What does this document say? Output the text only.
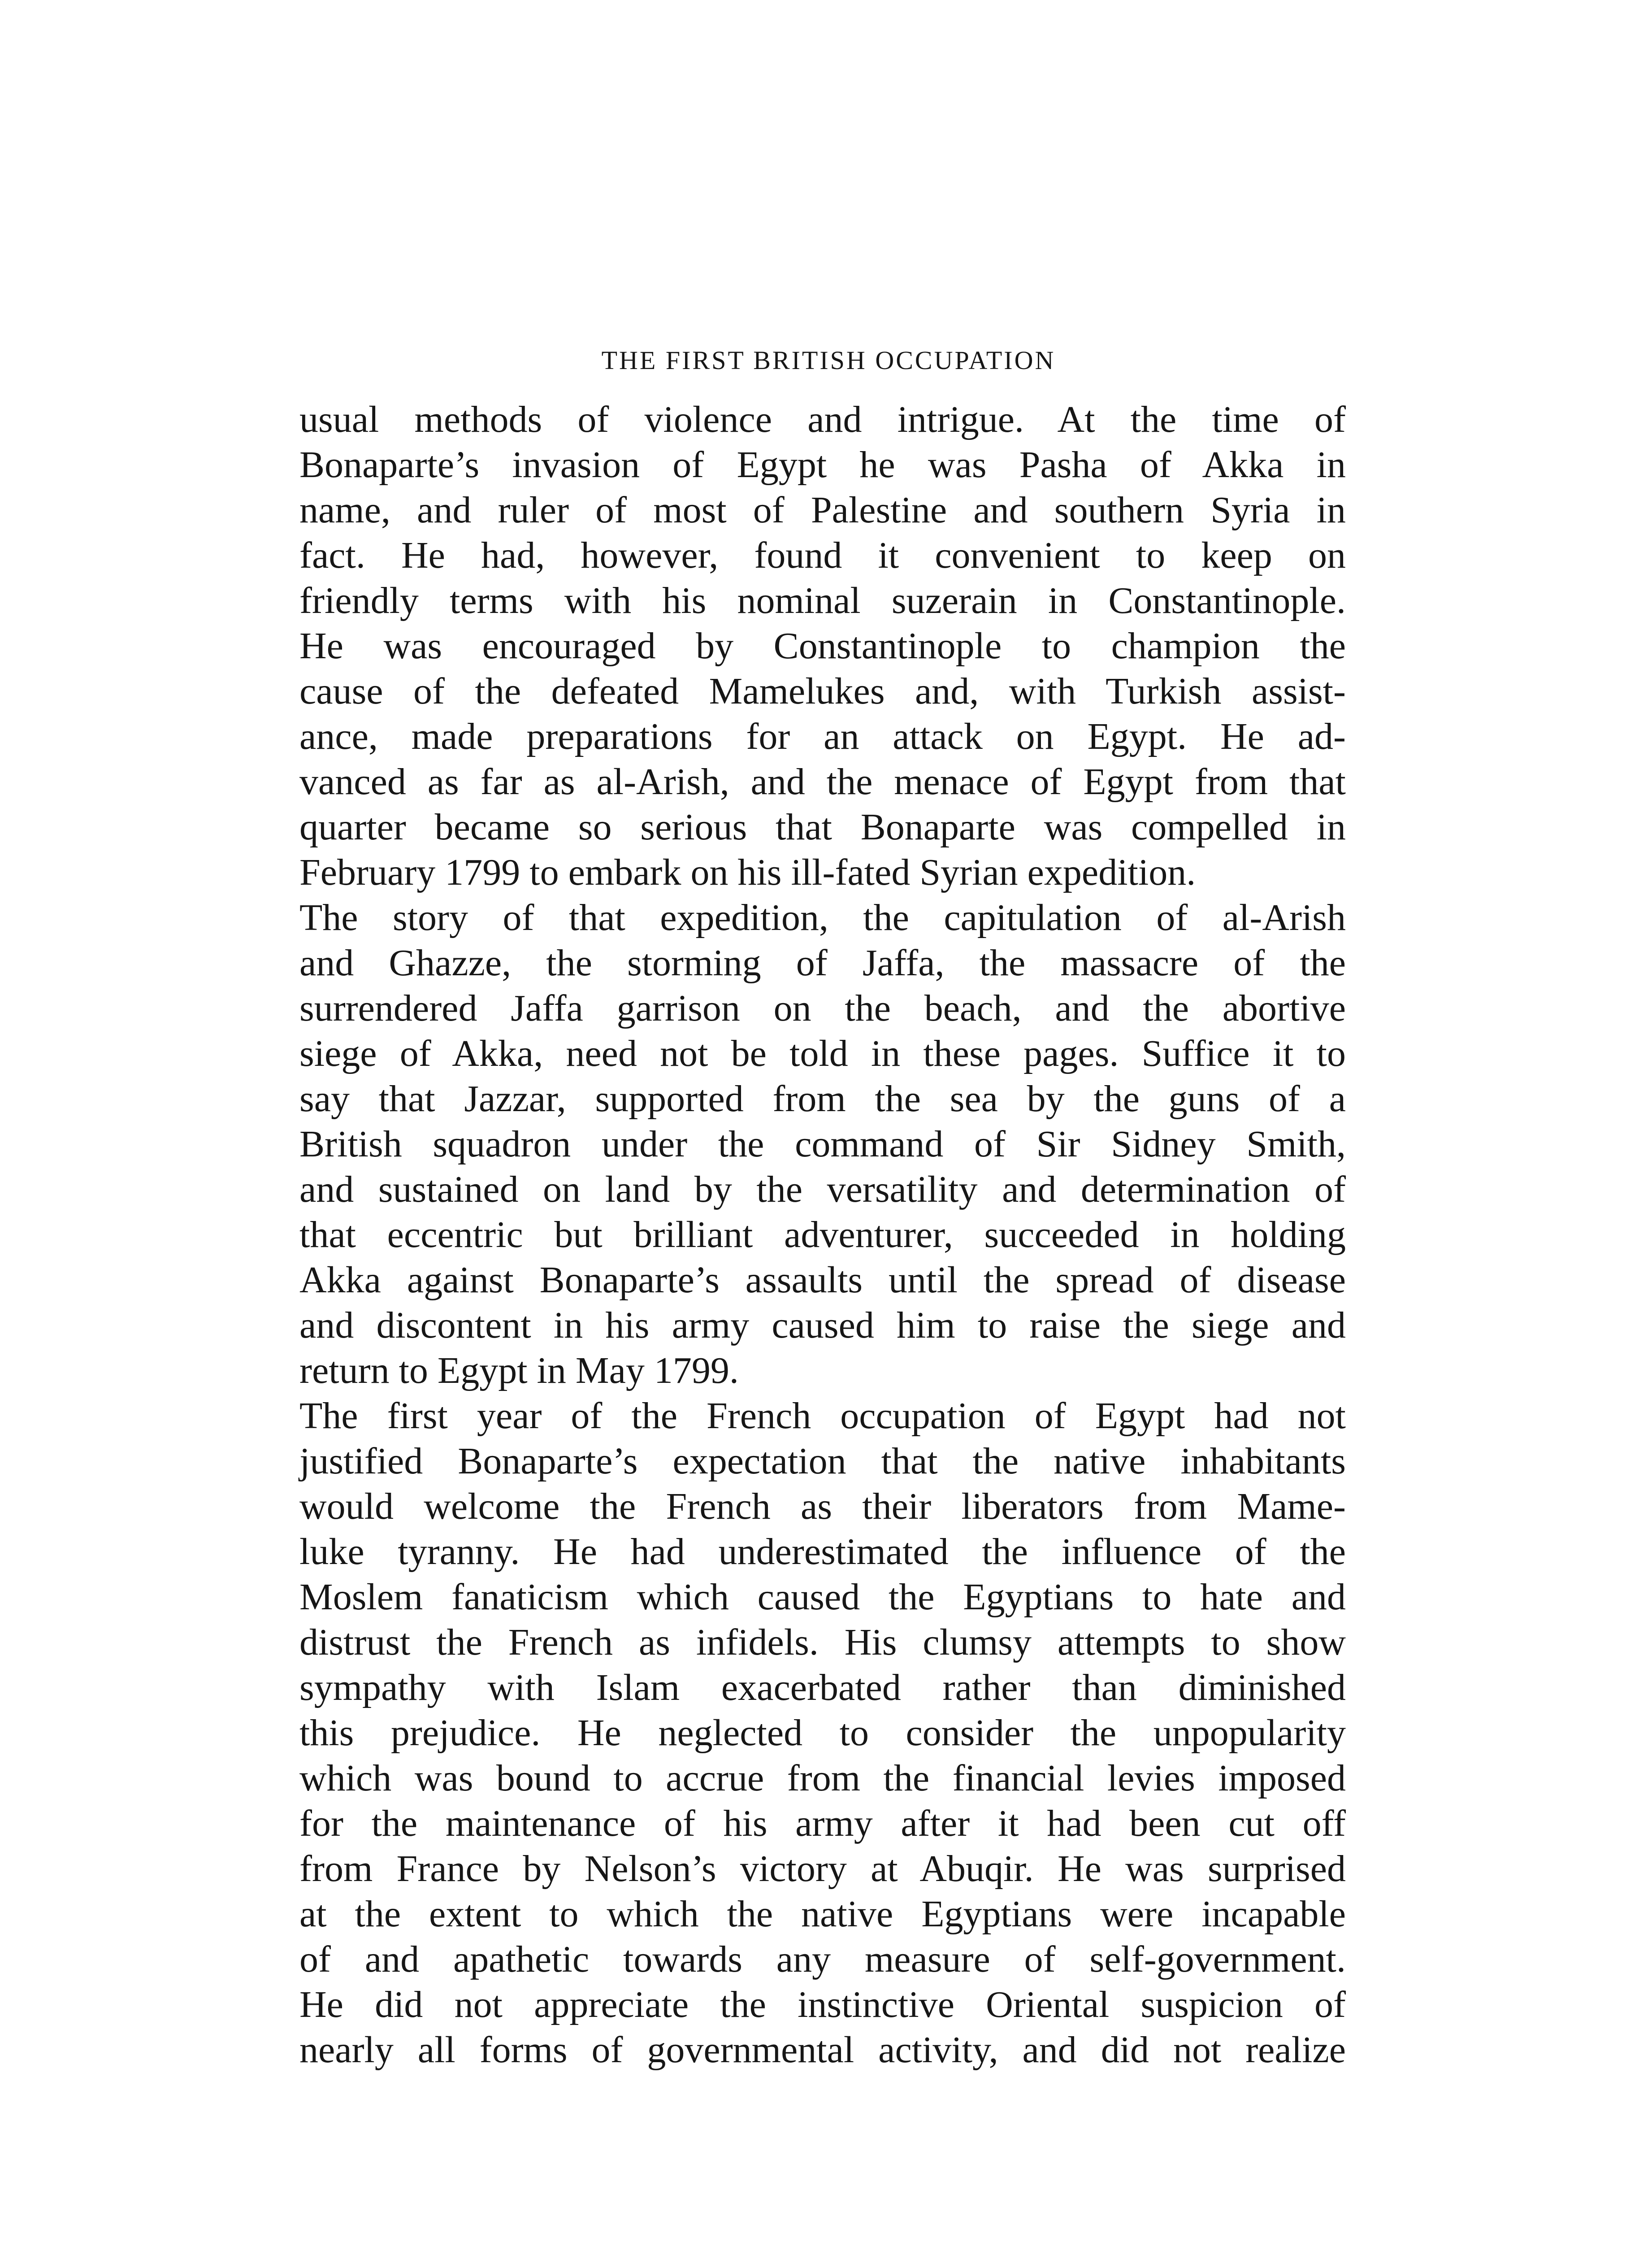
THE FIRST BRITISH OCCUPATION
usual methods of violence and intrigue. At the time of
Bonaparte’s invasion of Egypt he was Pasha of Akka in
name, and ruler of most of Palestine and southern Syria in
fact. He had, however, found it convenient to keep on
friendly terms with his nominal suzerain in Constantinople.
He was encouraged by Constantinople to champion the
cause of the defeated Mamelukes and, with Turkish assist-
ance, made preparations for an attack on Egypt. He ad-
vanced as far as al-Arish, and the menace of Egypt from that
quarter became so serious that Bonaparte was compelled in
February 1799 to embark on his ill-fated Syrian expedition.
The story of that expedition, the capitulation of al-Arish
and Ghazze, the storming of Jaffa, the massacre of the
surrendered Jaffa garrison on the beach, and the abortive
siege of Akka, need not be told in these pages. Suffice it to
say that Jazzar, supported from the sea by the guns of a
British squadron under the command of Sir Sidney Smith,
and sustained on land by the versatility and determination of
that eccentric but brilliant adventurer, succeeded in holding
Akka against Bonaparte’s assaults until the spread of disease
and discontent in his army caused him to raise the siege and
return to Egypt in May 1799.
The first year of the French occupation of Egypt had not
justified Bonaparte’s expectation that the native inhabitants
would welcome the French as their liberators from Mame-
luke tyranny. He had underestimated the influence of the
Moslem fanaticism which caused the Egyptians to hate and
distrust the French as infidels. His clumsy attempts to show
sympathy with Islam exacerbated rather than diminished
this prejudice. He neglected to consider the unpopularity
which was bound to accrue from the financial levies imposed
for the maintenance of his army after it had been cut off
from France by Nelson’s victory at Abuqir. He was surprised
at the extent to which the native Egyptians were incapable
of and apathetic towards any measure of self-government.
He did not appreciate the instinctive Oriental suspicion of
nearly all forms of governmental activity, and did not realize
